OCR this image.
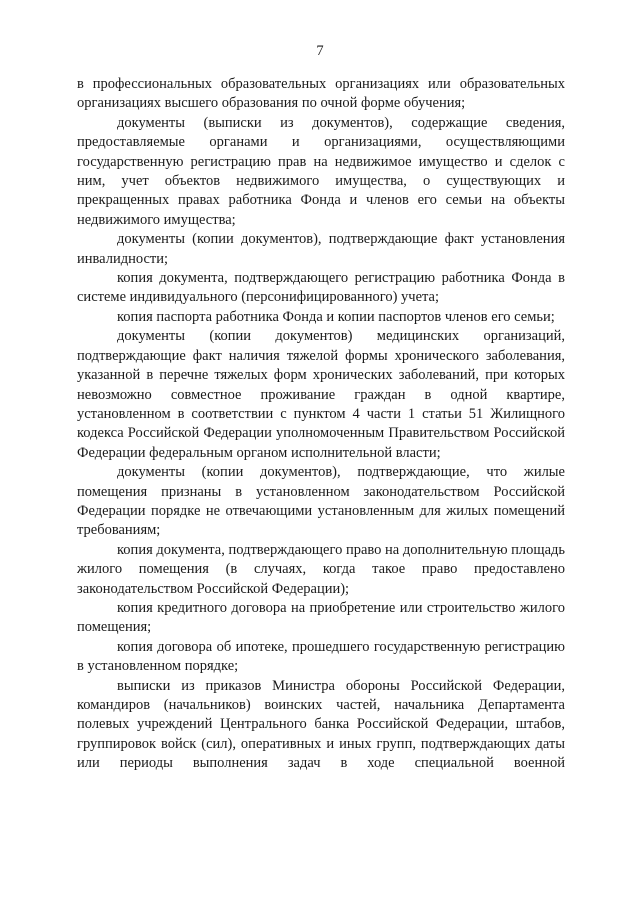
7

в профессиональных образовательных организациях или образовательных организациях высшего образования по очной форме обучения;

документы (выписки из документов), содержащие сведения, предоставляемые органами и организациями, осуществляющими государственную регистрацию прав на недвижимое имущество и сделок с ним, учет объектов недвижимого имущества, о существующих и прекращенных правах работника Фонда и членов его семьи на объекты недвижимого имущества;

документы (копии документов), подтверждающие факт установления инвалидности;

копия документа, подтверждающего регистрацию работника Фонда в системе индивидуального (персонифицированного) учета;

копия паспорта работника Фонда и копии паспортов членов его семьи;

документы (копии документов) медицинских организаций, подтверждающие факт наличия тяжелой формы хронического заболевания, указанной в перечне тяжелых форм хронических заболеваний, при которых невозможно совместное проживание граждан в одной квартире, установленном в соответствии с пунктом 4 части 1 статьи 51 Жилищного кодекса Российской Федерации уполномоченным Правительством Российской Федерации федеральным органом исполнительной власти;

документы (копии документов), подтверждающие, что жилые помещения признаны в установленном законодательством Российской Федерации порядке не отвечающими установленным для жилых помещений требованиям;

копия документа, подтверждающего право на дополнительную площадь жилого помещения (в случаях, когда такое право предоставлено законодательством Российской Федерации);

копия кредитного договора на приобретение или строительство жилого помещения;

копия договора об ипотеке, прошедшего государственную регистрацию в установленном порядке;

выписки из приказов Министра обороны Российской Федерации, командиров (начальников) воинских частей, начальника Департамента полевых учреждений Центрального банка Российской Федерации, штабов, группировок войск (сил), оперативных и иных групп, подтверждающих даты или периоды выполнения задач в ходе специальной военной
